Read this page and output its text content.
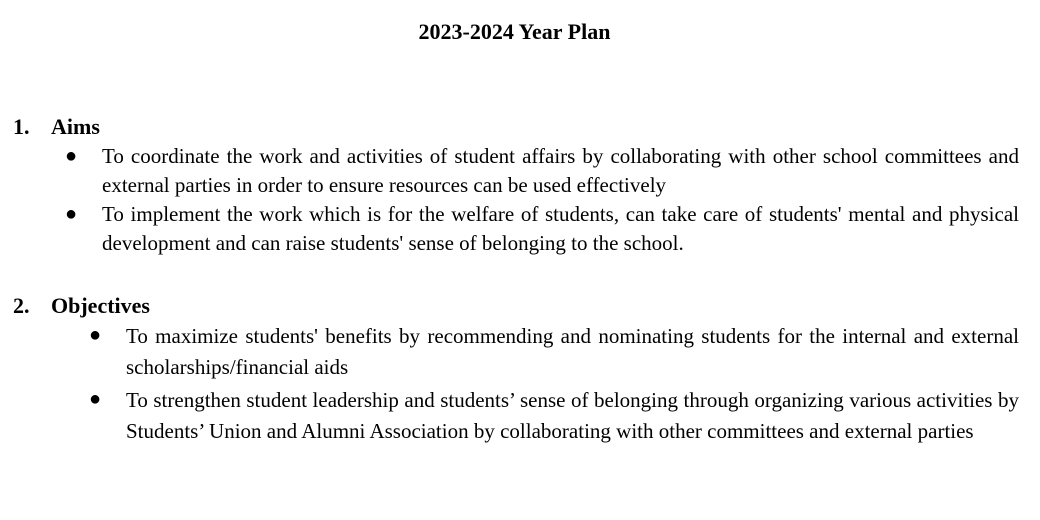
2023-2024 Year Plan
1. Aims
● To coordinate the work and activities of student affairs by collaborating with other school committees and external parties in order to ensure resources can be used effectively
● To implement the work which is for the welfare of students, can take care of students' mental and physical development and can raise students' sense of belonging to the school.
2. Objectives
● To maximize students' benefits by recommending and nominating students for the internal and external scholarships/financial aids
● To strengthen student leadership and students’ sense of belonging through organizing various activities by Students’ Union and Alumni Association by collaborating with other committees and external parties
